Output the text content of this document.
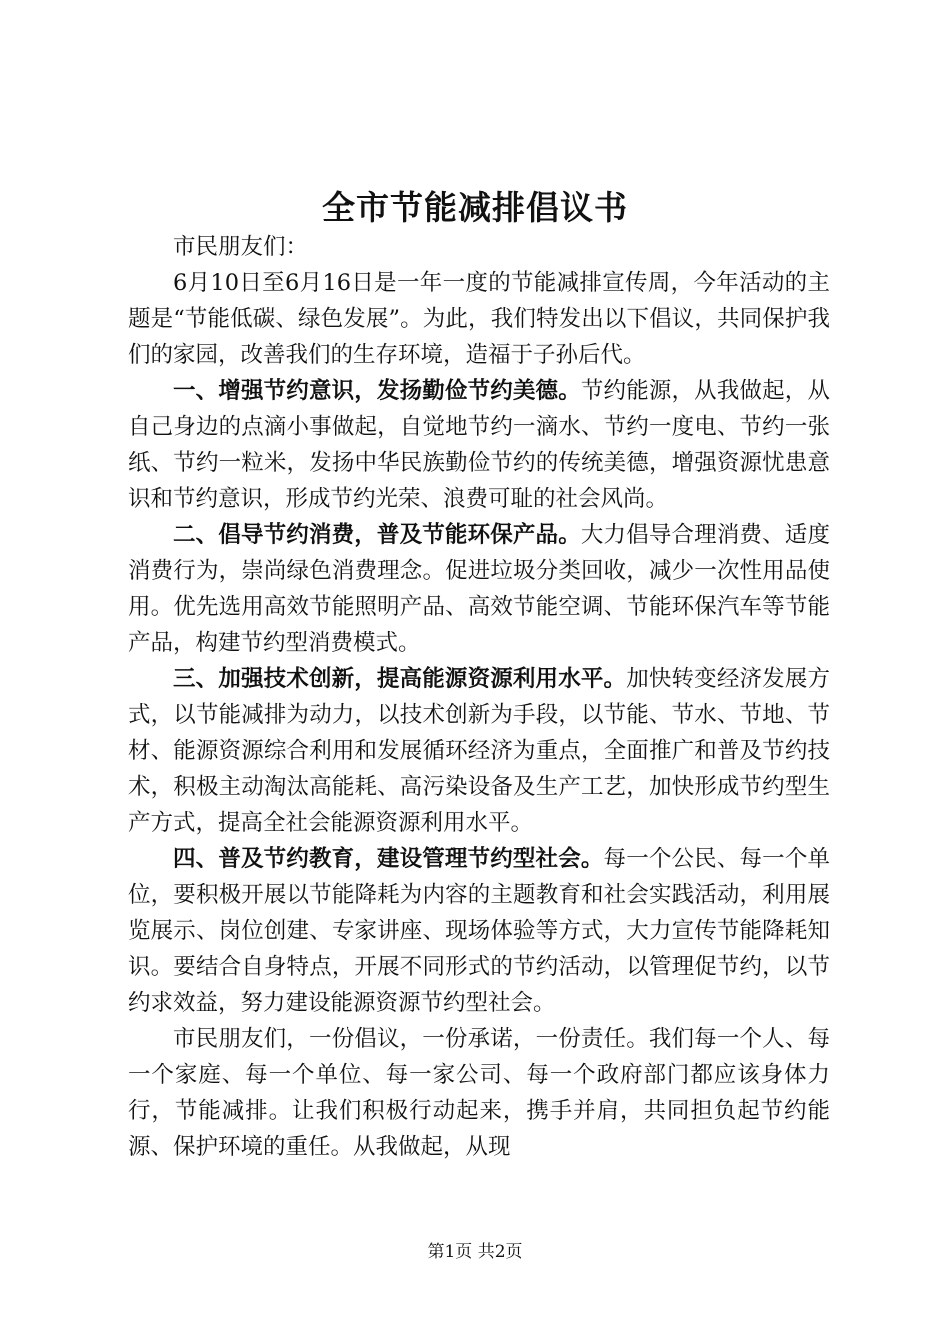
全市节能减排倡议书

市民朋友们：

6月10日至6月16日是一年一度的节能减排宣传周，今年活动的主题是“节能低碳、绿色发展”。为此，我们特发出以下倡议，共同保护我们的家园，改善我们的生存环境，造福于子孙后代。

一、增强节约意识，发扬勤俭节约美德。节约能源，从我做起，从自己身边的点滴小事做起，自觉地节约一滴水、节约一度电、节约一张纸、节约一粒米，发扬中华民族勤俭节约的传统美德，增强资源忧患意识和节约意识，形成节约光荣、浪费可耻的社会风尚。

二、倡导节约消费，普及节能环保产品。大力倡导合理消费、适度消费行为，崇尚绿色消费理念。促进垃圾分类回收，减少一次性用品使用。优先选用高效节能照明产品、高效节能空调、节能环保汽车等节能产品，构建节约型消费模式。

三、加强技术创新，提高能源资源利用水平。加快转变经济发展方式，以节能减排为动力，以技术创新为手段，以节能、节水、节地、节材、能源资源综合利用和发展循环经济为重点，全面推广和普及节约技术，积极主动淘汰高能耗、高污染设备及生产工艺，加快形成节约型生产方式，提高全社会能源资源利用水平。

四、普及节约教育，建设管理节约型社会。每一个公民、每一个单位，要积极开展以节能降耗为内容的主题教育和社会实践活动，利用展览展示、岗位创建、专家讲座、现场体验等方式，大力宣传节能降耗知识。要结合自身特点，开展不同形式的节约活动，以管理促节约，以节约求效益，努力建设能源资源节约型社会。

市民朋友们，一份倡议，一份承诺，一份责任。我们每一个人、每一个家庭、每一个单位、每一家公司、每一个政府部门都应该身体力行，节能减排。让我们积极行动起来，携手并肩，共同担负起节约能源、保护环境的重任。从我做起，从现

第1页 共2页
